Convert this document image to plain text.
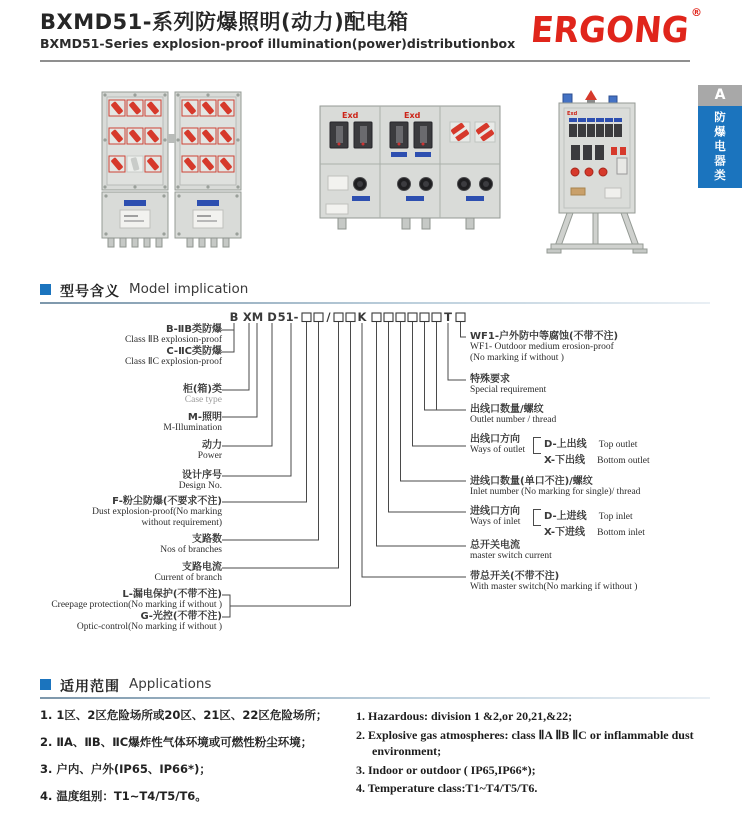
BXMD51-系列防爆照明(动力)配电箱
BXMD51-Series explosion-proof illumination(power)distributionbox ERGONG ®
A
防爆电器类
Exd	Exd	Exd
型号含义 Model implication
B XM D 51- / K	T
B-ⅡB类防爆
Class ⅡB explosion-proof
C-ⅡC类防爆
Class ⅡC explosion-proof
柜(箱)类
Case type
M-照明
M-Illumination
动力
Power
设计序号
Design No.
F-粉尘防爆(不要求不注)
Dust explosion-proof(No marking
without requirement)
支路数
Nos of branches
支路电流
Current of branch
L-漏电保护(不带不注)
Creepage protection(No marking if without )
G-光控(不带不注)
Optic-control(No marking if without )
WF1-户外防中等腐蚀(不带不注)
WF1- Outdoor medium erosion-proof
(No marking if without )
特殊要求
Special requirement
出线口数量/螺纹
Outlet number / thread
出线口方向
Ways of outlet	D-上出线 Top outlet
X-下出线 Bottom outlet
进线口数量(单口不注)/螺纹
Inlet number (No marking for single)/ thread
进线口方向
Ways of inlet	D-上进线 Top inlet
X-下进线 Bottom inlet
总开关电流
master switch current
带总开关(不带不注)
With master switch(No marking if without )
适用范围 Applications
1. 1区、2区危险场所或20区、21区、22区危险场所；
2. ⅡA、ⅡB、ⅡC爆炸性气体环境或可燃性粉尘环境；
3. 户内、户外(IP65、IP66*)；
4. 温度组别：T1~T4/T5/T6。
1. Hazardous: division 1 &2,or 20,21,&22;
2. Explosive gas atmospheres: class ⅡA ⅡB ⅡC or inflammable dust environment;
3. Indoor or outdoor ( IP65,IP66*);
4. Temperature class:T1~T4/T5/T6.
